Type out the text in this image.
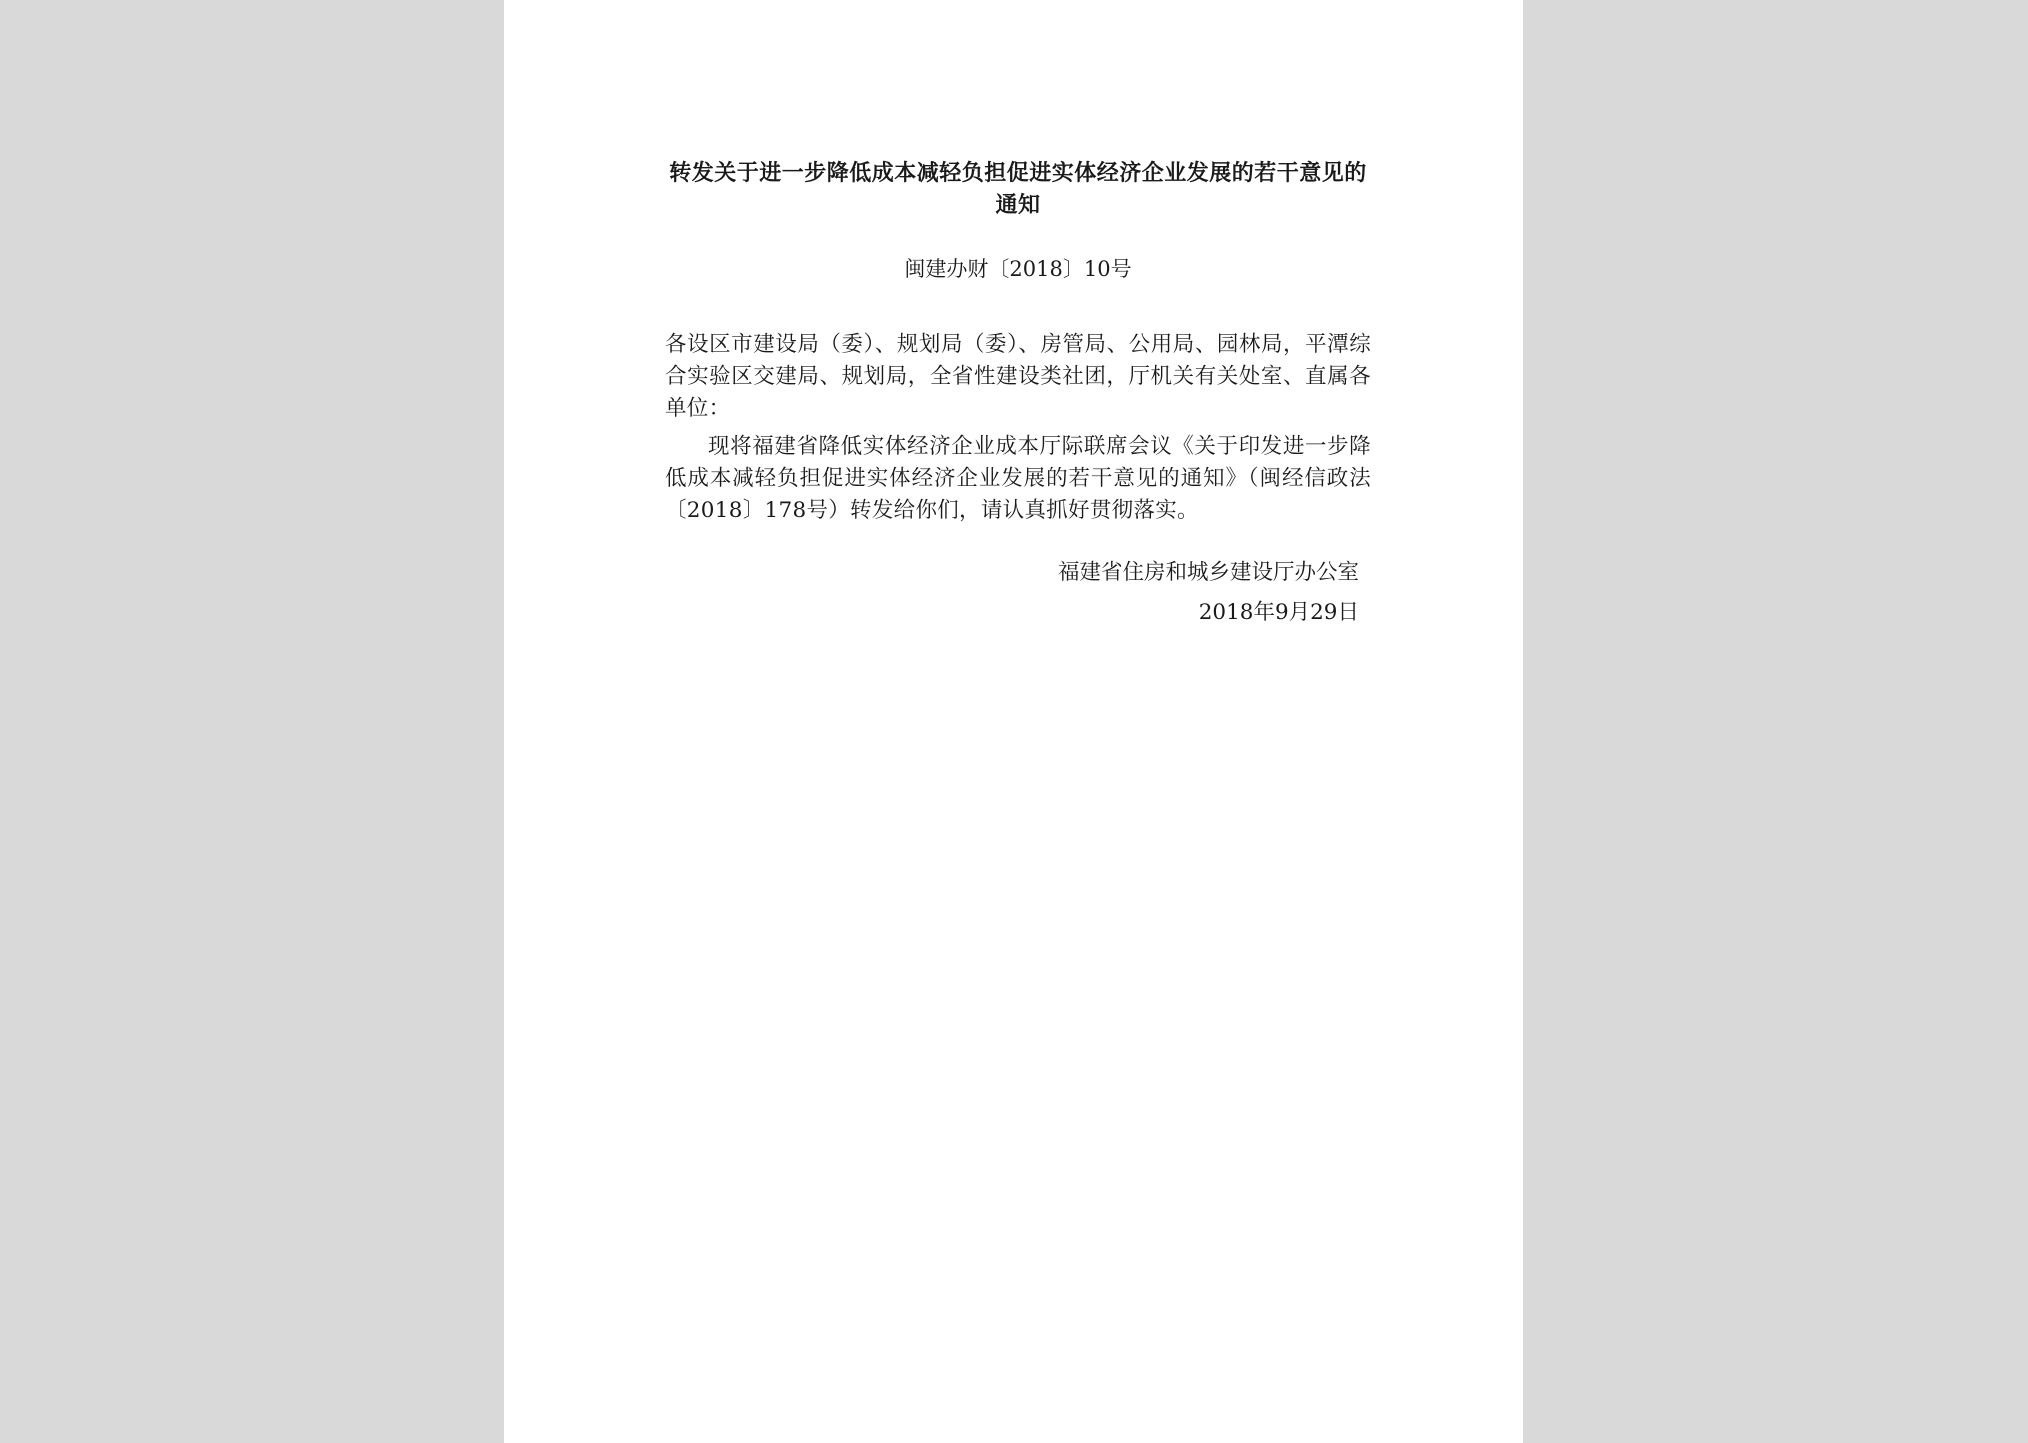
转发关于进一步降低成本减轻负担促进实体经济企业发展的若干意见的通知

闽建办财〔2018〕10号

各设区市建设局（委）、规划局（委）、房管局、公用局、园林局，平潭综合实验区交建局、规划局，全省性建设类社团，厅机关有关处室、直属各单位：

现将福建省降低实体经济企业成本厅际联席会议《关于印发进一步降低成本减轻负担促进实体经济企业发展的若干意见的通知》（闽经信政法〔2018〕178号）转发给你们，请认真抓好贯彻落实。

福建省住房和城乡建设厅办公室
2018年9月29日
